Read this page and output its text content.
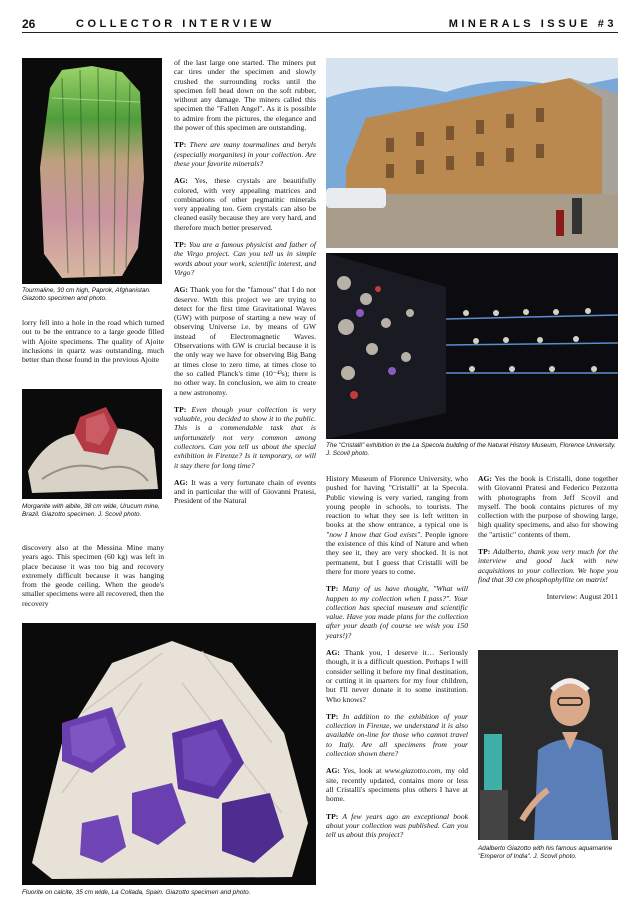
26	COLLECTOR INTERVIEW	MINERALS ISSUE #3
Tourmaline, 30 cm high, Paprok, Afghanistan. Giazotto specimen and photo.

lorry fell into a hole in the road which turned out to be the entrance to a large geode filled with Ajoite specimens. The quality of Ajoite inclusions in quartz was outstanding, much better than those found in the previous Ajoite

Morganite with albite, 38 cm wide, Urucum mine, Brazil. Giazotto specimen. J. Scovil photo.

discovery also at the Messina Mine many years ago. This specimen (60 kg) was left in place because it was too big and recovery extremely difficult because it was hanging from the geode ceiling. When the geode's smaller specimens were all recovered, then the recovery

of the last large one started. The miners put car tires under the specimen and slowly crushed the surrounding rocks until the specimen fell head down on the soft rubber, without any damage. The miners called this specimen the "Fallen Angel". As it is possible to admire from the pictures, the elegance and the power of this specimen are outstanding.

TP: There are many tourmalines and beryls (especially morganites) in your collection. Are these your favorite minerals?

AG: Yes, these crystals are beautifully colored, with very appealing matrices and combinations of other pegmatitic minerals very appealing too. Gem crystals can also be cleaned easily because they are very hard, and therefore much better preserved.

TP: You are a famous physicist and father of the Virgo project. Can you tell us in simple words about your work, scientific interest, and Virgo?

AG: Thank you for the "famous" that I do not deserve. With this project we are trying to detect for the first time Gravitational Waves (GW) with purpose of starting a new way of observing Universe i.e. by means of GW instead of Electromagnetic Waves. Observations with GW is crucial because it is the only way we have for observing Big Bang at times close to zero time, at times close to the so called Planck's time (10⁻⁴³s); there is no other way. In conclusion, we aim to create a new astronomy.

TP: Even though your collection is very valuable, you decided to show it to the public. This is a commendable task that is unfortunately not very common among collectors. Can you tell us about the special exhibition in Firenze? Is it temporary, or will it stay there for long time?

AG: It was a very fortunate chain of events and in particular the will of Giovanni Pratesi, President of the Natural

Fluorite on calcite, 35 cm wide, La Collada, Spain. Giazotto specimen and photo.
The "Cristalli" exhibition in the La Specola building of the Natural History Museum, Florence University. J. Scovil photo.

History Museum of Florence University, who pushed for having "Cristalli" at la Specola. Public viewing is very varied, ranging from young people in schools, to tourists. The reaction to what they see is left written in books at the show entrance, a typical one is "now I know that God exists". People ignore the existence of this kind of Nature and when they see it, they are very shocked. It is not permanent, but I guess that Cristalli will be there for more years to come.

TP: Many of us have thought, "What will happen to my collection when I pass?". Your collection has special museum and scientific value. Have you made plans for the collection after your death (of course we wish you 150 years!)?

AG: Thank you, I deserve it… Seriously though, it is a difficult question. Perhaps I will consider selling it before my final destination, or cutting it in quarters for my four children, but I'll never donate it to some institution. Who knows?

TP: In addition to the exhibition of your collection in Firenze, we understand it is also available on-line for those who cannot travel to Italy. Are all specimens from your collection shown there?

AG: Yes, look at www.giazotto.com, my old site, recently updated, contains more or less all Cristalli's specimens plus others I have at home.

TP: A few years ago an exceptional book about your collection was published. Can you tell us about this project?

AG: Yes the book is Cristalli, done together with Giovanni Pratesi and Federico Pezzotta with photographs from Jeff Scovil and myself. The book contains pictures of my collection with the purpose of showing large, high quality specimens, and also for showing the "artistic" contents of them.

TP: Adalberto, thank you very much for the interview and good luck with new acquisitions to your collection. We hope you find that 30 cm phosphophyllite on matrix!

Interview: August 2011

Adalberto Giazotto with his famous aquamarine "Emperor of India". J. Scovil photo.
